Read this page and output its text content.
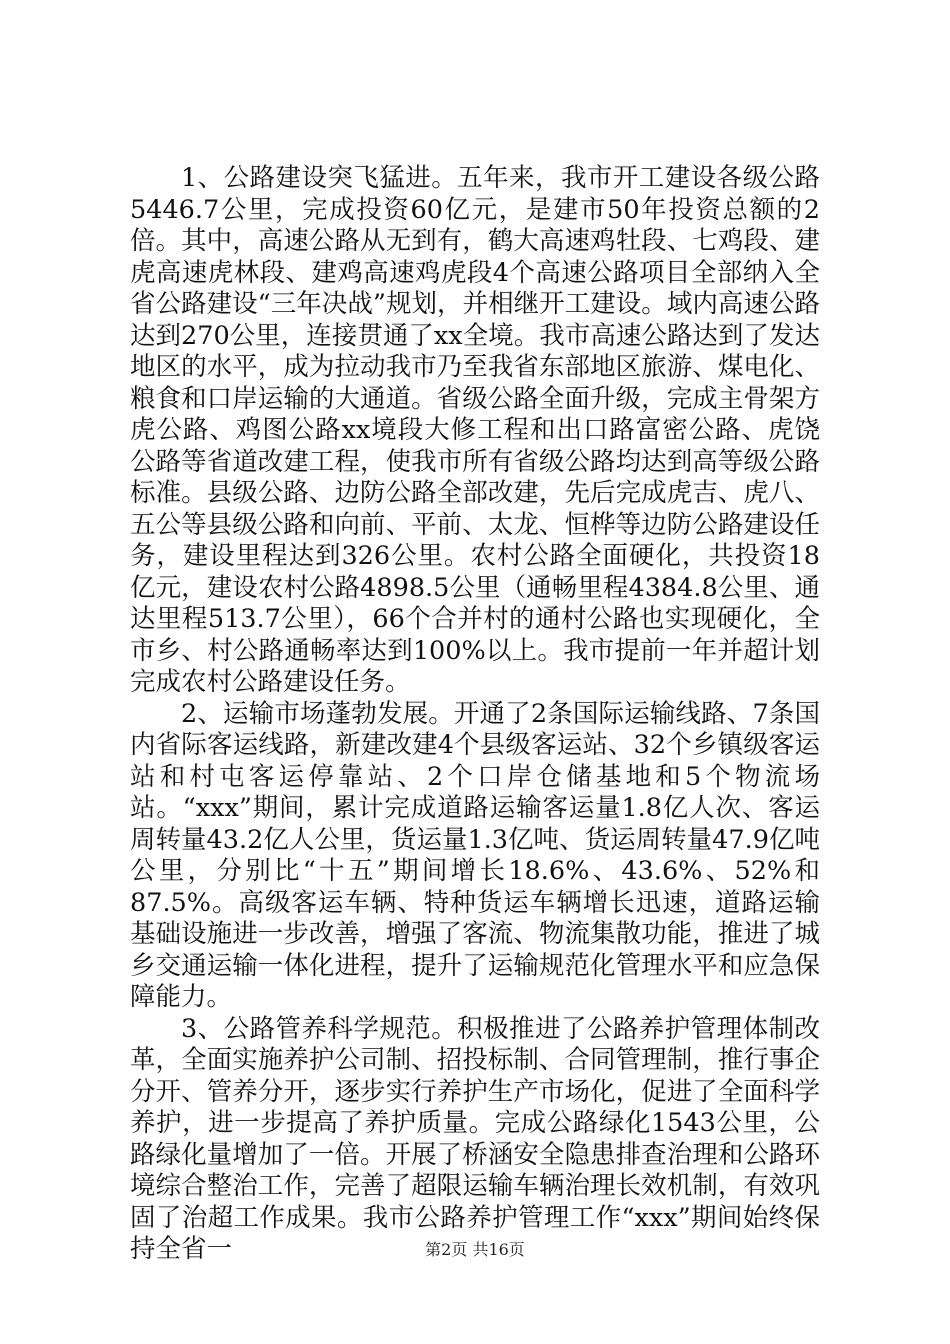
1、公路建设突飞猛进。五年来，我市开工建设各级公路5446.7公里，完成投资60亿元，是建市50年投资总额的2倍。其中，高速公路从无到有，鹤大高速鸡牡段、七鸡段、建虎高速虎林段、建鸡高速鸡虎段4个高速公路项目全部纳入全省公路建设“三年决战”规划，并相继开工建设。域内高速公路达到270公里，连接贯通了xx全境。我市高速公路达到了发达地区的水平，成为拉动我市乃至我省东部地区旅游、煤电化、粮食和口岸运输的大通道。省级公路全面升级，完成主骨架方虎公路、鸡图公路xx境段大修工程和出口路富密公路、虎饶公路等省道改建工程，使我市所有省级公路均达到高等级公路标准。县级公路、边防公路全部改建，先后完成虎吉、虎八、五公等县级公路和向前、平前、太龙、恒桦等边防公路建设任务，建设里程达到326公里。农村公路全面硬化，共投资18亿元，建设农村公路4898.5公里（通畅里程4384.8公里、通达里程513.7公里），66个合并村的通村公路也实现硬化，全市乡、村公路通畅率达到100%以上。我市提前一年并超计划完成农村公路建设任务。

2、运输市场蓬勃发展。开通了2条国际运输线路、7条国内省际客运线路，新建改建4个县级客运站、32个乡镇级客运站和村屯客运停靠站、2个口岸仓储基地和5个物流场站。“xxx”期间，累计完成道路运输客运量1.8亿人次、客运周转量43.2亿人公里，货运量1.3亿吨、货运周转量47.9亿吨公里，分别比“十五”期间增长18.6%、43.6%、52%和87.5%。高级客运车辆、特种货运车辆增长迅速，道路运输基础设施进一步改善，增强了客流、物流集散功能，推进了城乡交通运输一体化进程，提升了运输规范化管理水平和应急保障能力。

3、公路管养科学规范。积极推进了公路养护管理体制改革，全面实施养护公司制、招投标制、合同管理制，推行事企分开、管养分开，逐步实行养护生产市场化，促进了全面科学养护，进一步提高了养护质量。完成公路绿化1543公里，公路绿化量增加了一倍。开展了桥涵安全隐患排查治理和公路环境综合整治工作，完善了超限运输车辆治理长效机制，有效巩固了治超工作成果。我市公路养护管理工作“xxx”期间始终保持全省一	第2页 共16页
